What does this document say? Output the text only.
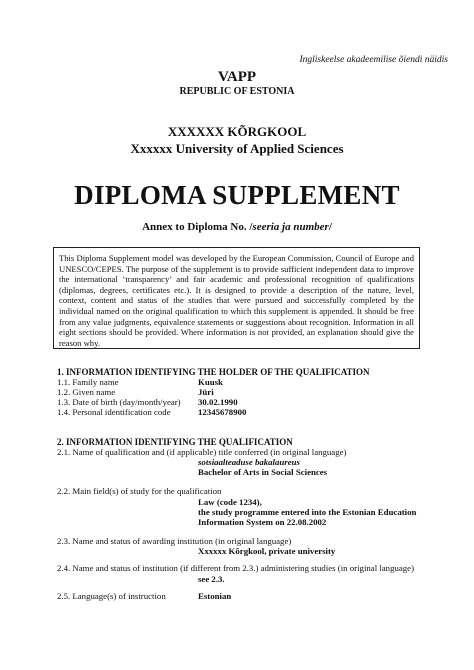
Ingliskeelse akadeemilise õiendi näidis
VAPP
REPUBLIC OF ESTONIA
XXXXXX KÕRGKOOL
Xxxxxx University of Applied Sciences
DIPLOMA SUPPLEMENT
Annex to Diploma No. /seeria ja number/
This Diploma Supplement model was developed by the European Commission, Council of Europe and UNESCO/CEPES. The purpose of the supplement is to provide sufficient independent data to improve the international ‘transparency’ and fair academic and professional recognition of qualifications (diplomas, degrees, certificates etc.). It is designed to provide a description of the nature, level, context, content and status of the studies that were pursued and successfully completed by the individual named on the original qualification to which this supplement is appended. It should be free from any value judgments, equivalence statements or suggestions about recognition. Information in all eight sections should be provided. Where information is not provided, an explanation should give the reason why.
1. INFORMATION IDENTIFYING THE HOLDER OF THE QUALIFICATION
1.1. Family name	Kuusk
1.2. Given name	Jüri
1.3. Date of birth (day/month/year) 30.02.1990
1.4. Personal identification code	12345678900
2. INFORMATION IDENTIFYING THE QUALIFICATION
2.1. Name of qualification and (if applicable) title conferred (in original language)
sotsiaalteaduse bakalaureus
Bachelor of Arts in Social Sciences
2.2. Main field(s) of study for the qualification
Law (code 1234),
the study programme entered into the Estonian Education
Information System on 22.08.2002
2.3. Name and status of awarding institution (in original language)
Xxxxxx Kõrgkool, private university
2.4. Name and status of institution (if different from 2.3.) administering studies (in original language)
see 2.3.
2.5. Language(s) of instruction	Estonian
